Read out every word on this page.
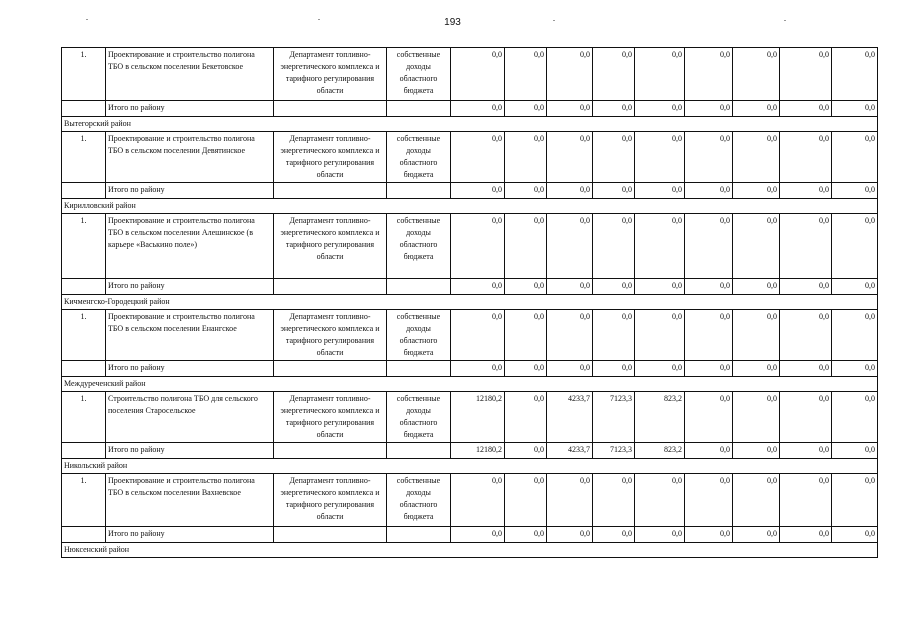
193
1.	Проектирование и строительство полигона ТБО в сельском поселении Бекетовское	Департамент топливно-энергетического комплекса и тарифного регулирования области	собственные доходы областного бюджета	0,0	0,0	0,0	0,0	0,0	0,0	0,0	0,0	0,0
	Итого по району			0,0	0,0	0,0	0,0	0,0	0,0	0,0	0,0	0,0
Вытегорский район												
1.	Проектирование и строительство полигона ТБО в сельском поселении Девятинское	Департамент топливно-энергетического комплекса и тарифного регулирования области	собственные доходы областного бюджета	0,0	0,0	0,0	0,0	0,0	0,0	0,0	0,0	0,0
	Итого по району			0,0	0,0	0,0	0,0	0,0	0,0	0,0	0,0	0,0
Кирилловский район												
1.	Проектирование и строительство полигона ТБО в сельском поселении Алешинское (в карьере «Васькино поле»)	Департамент топливно-энергетического комплекса и тарифного регулирования области	собственные доходы областного бюджета	0,0	0,0	0,0	0,0	0,0	0,0	0,0	0,0	0,0
	Итого по району			0,0	0,0	0,0	0,0	0,0	0,0	0,0	0,0	0,0
Кичменгско-Городецкий район												
1.	Проектирование и строительство полигона ТБО в сельском поселении Енангское	Департамент топливно-энергетического комплекса и тарифного регулирования области	собственные доходы областного бюджета	0,0	0,0	0,0	0,0	0,0	0,0	0,0	0,0	0,0
	Итого по району			0,0	0,0	0,0	0,0	0,0	0,0	0,0	0,0	0,0
Междуреченский район												
1.	Строительство полигона ТБО для сельского поселения Старосельское	Департамент топливно-энергетического комплекса и тарифного регулирования области	собственные доходы областного бюджета	12180,2	0,0	4233,7	7123,3	823,2	0,0	0,0	0,0	0,0
	Итого по району			12180,2	0,0	4233,7	7123,3	823,2	0,0	0,0	0,0	0,0
Никольский район												
1.	Проектирование и строительство полигона ТБО в сельском поселении Вахневское	Департамент топливно-энергетического комплекса и тарифного регулирования области	собственные доходы областного бюджета	0,0	0,0	0,0	0,0	0,0	0,0	0,0	0,0	0,0
	Итого по району			0,0	0,0	0,0	0,0	0,0	0,0	0,0	0,0	0,0
Нюксенский район												
